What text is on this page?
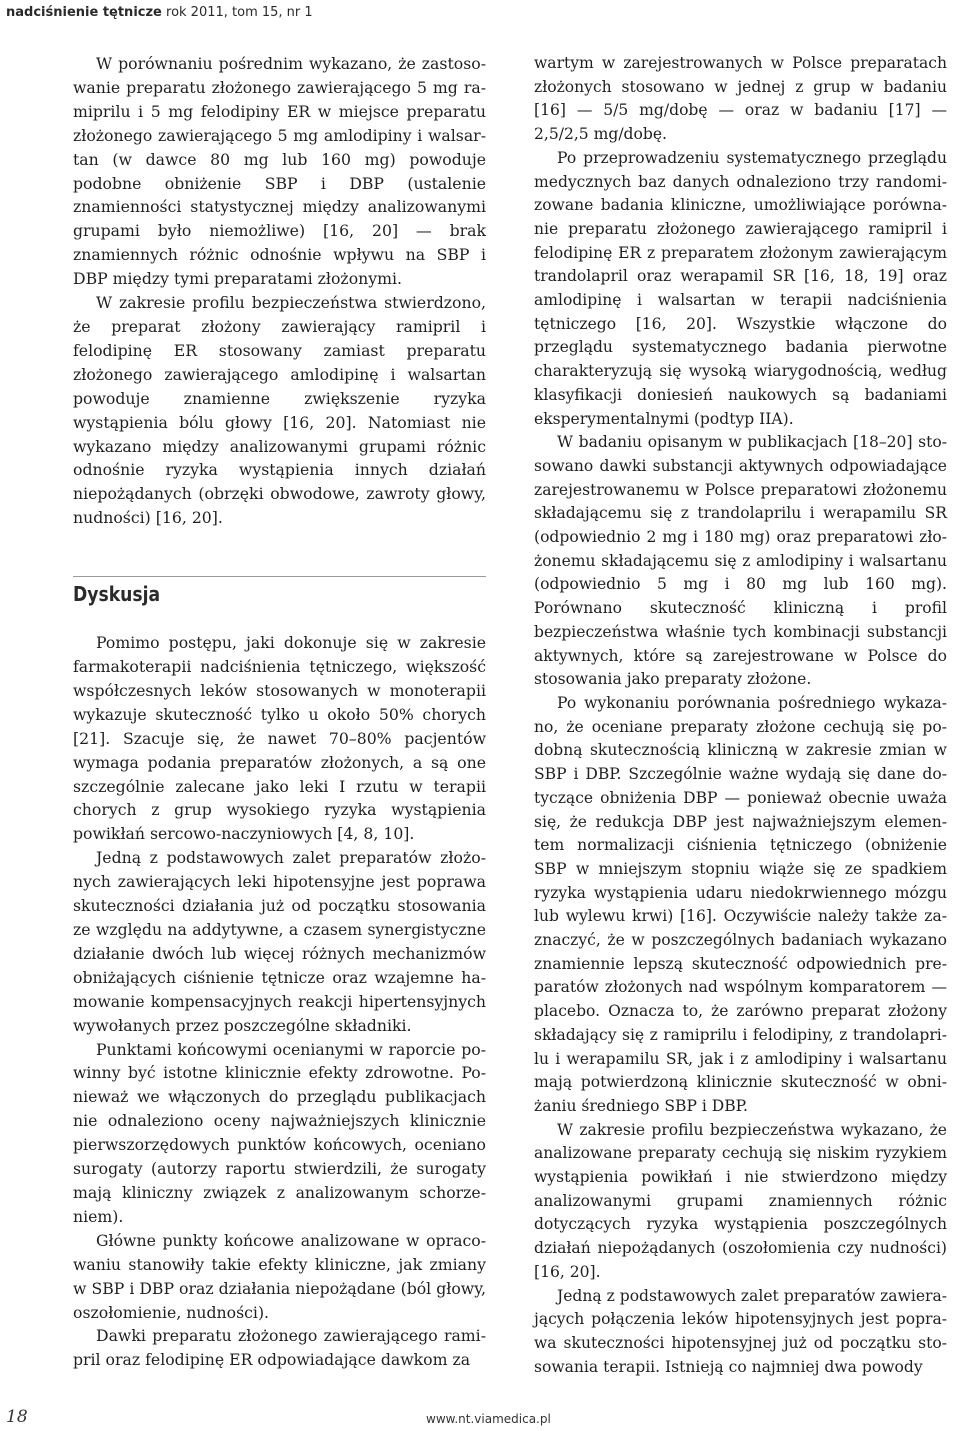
nadciśnienie tętnicze rok 2011, tom 15, nr 1

W porównaniu pośrednim wykazano, że zastosowanie preparatu złożonego zawierającego 5 mg ramiprilu i 5 mg felodipiny ER w miejsce preparatu złożonego zawierającego 5 mg amlodipiny i walsartan (w dawce 80 mg lub 160 mg) powoduje podobne obniżenie SBP i DBP (ustalenie znamienności statystycznej między analizowanymi grupami było niemożliwe) [16, 20] — brak znamiennych różnic odnośnie wpływu na SBP i DBP między tymi preparatami złożonymi.

W zakresie profilu bezpieczeństwa stwierdzono, że preparat złożony zawierający ramipril i felodipinę ER stosowany zamiast preparatu złożonego zawierającego amlodipinę i walsartan powoduje znamienne zwiększenie ryzyka wystąpienia bólu głowy [16, 20]. Natomiast nie wykazano między analizowanymi grupami różnic odnośnie ryzyka wystąpienia innych działań niepożądanych (obrzęki obwodowe, zawroty głowy, nudności) [16, 20].

Dyskusja

Pomimo postępu, jaki dokonuje się w zakresie farmakoterapii nadciśnienia tętniczego, większość współczesnych leków stosowanych w monoterapii wykazuje skuteczność tylko u około 50% chorych [21]. Szacuje się, że nawet 70–80% pacjentów wymaga podania preparatów złożonych, a są one szczególnie zalecane jako leki I rzutu w terapii chorych z grup wysokiego ryzyka wystąpienia powikłań sercowo-naczyniowych [4, 8, 10].

Jedną z podstawowych zalet preparatów złożonych zawierających leki hipotensyjne jest poprawa skuteczności działania już od początku stosowania ze względu na addytywne, a czasem synergistyczne działanie dwóch lub więcej różnych mechanizmów obniżających ciśnienie tętnicze oraz wzajemne hamowanie kompensacyjnych reakcji hipertensyjnych wywołanych przez poszczególne składniki.

Punktami końcowymi ocenianymi w raporcie powinny być istotne klinicznie efekty zdrowotne. Ponieważ we włączonych do przeglądu publikacjach nie odnaleziono oceny najważniejszych klinicznie pierwszorzędowych punktów końcowych, oceniano surogaty (autorzy raportu stwierdzili, że surogaty mają kliniczny związek z analizowanym schorzeniem).

Główne punkty końcowe analizowane w opracowaniu stanowiły takie efekty kliniczne, jak zmiany w SBP i DBP oraz działania niepożądane (ból głowy, oszołomienie, nudności).

Dawki preparatu złożonego zawierającego ramipril oraz felodipinę ER odpowiadające dawkom za

wartym w zarejestrowanych w Polsce preparatach złożonych stosowano w jednej z grup w badaniu [16] — 5/5 mg/dobę — oraz w badaniu [17] — 2,5/2,5 mg/dobę.

Po przeprowadzeniu systematycznego przeglądu medycznych baz danych odnaleziono trzy randomizowane badania kliniczne, umożliwiające porównanie preparatu złożonego zawierającego ramipril i felodipinę ER z preparatem złożonym zawierającym trandolapril oraz werapamil SR [16, 18, 19] oraz amlodipinę i walsartan w terapii nadciśnienia tętniczego [16, 20]. Wszystkie włączone do przeglądu systematycznego badania pierwotne charakteryzują się wysoką wiarygodnością, według klasyfikacji doniesień naukowych są badaniami eksperymentalnymi (podtyp IIA).

W badaniu opisanym w publikacjach [18–20] stosowano dawki substancji aktywnych odpowiadające zarejestrowanemu w Polsce preparatowi złożonemu składającemu się z trandolaprilu i werapamilu SR (odpowiednio 2 mg i 180 mg) oraz preparatowi złożonemu składającemu się z amlodipiny i walsartanu (odpowiednio 5 mg i 80 mg lub 160 mg). Porównano skuteczność kliniczną i profil bezpieczeństwa właśnie tych kombinacji substancji aktywnych, które są zarejestrowane w Polsce do stosowania jako preparaty złożone.

Po wykonaniu porównania pośredniego wykazano, że oceniane preparaty złożone cechują się podobną skutecznością kliniczną w zakresie zmian w SBP i DBP. Szczególnie ważne wydają się dane dotyczące obniżenia DBP — ponieważ obecnie uważa się, że redukcja DBP jest najważniejszym elementem normalizacji ciśnienia tętniczego (obniżenie SBP w mniejszym stopniu wiąże się ze spadkiem ryzyka wystąpienia udaru niedokrwiennego mózgu lub wylewu krwi) [16]. Oczywiście należy także zaznaczyć, że w poszczególnych badaniach wykazano znamiennie lepszą skuteczność odpowiednich preparatów złożonych nad wspólnym komparatorem — placebo. Oznacza to, że zarówno preparat złożony składający się z ramiprilu i felodipiny, z trandolaprilu i werapamilu SR, jak i z amlodipiny i walsartanu mają potwierdzoną klinicznie skuteczność w obniżaniu średniego SBP i DBP.

W zakresie profilu bezpieczeństwa wykazano, że analizowane preparaty cechują się niskim ryzykiem wystąpienia powikłań i nie stwierdzono między analizowanymi grupami znamiennych różnic dotyczących ryzyka wystąpienia poszczególnych działań niepożądanych (oszołomienia czy nudności) [16, 20].

Jedną z podstawowych zalet preparatów zawierających połączenia leków hipotensyjnych jest poprawa skuteczności hipotensyjnej już od początku stosowania terapii. Istnieją co najmniej dwa powody

18	www.nt.viamedica.pl
